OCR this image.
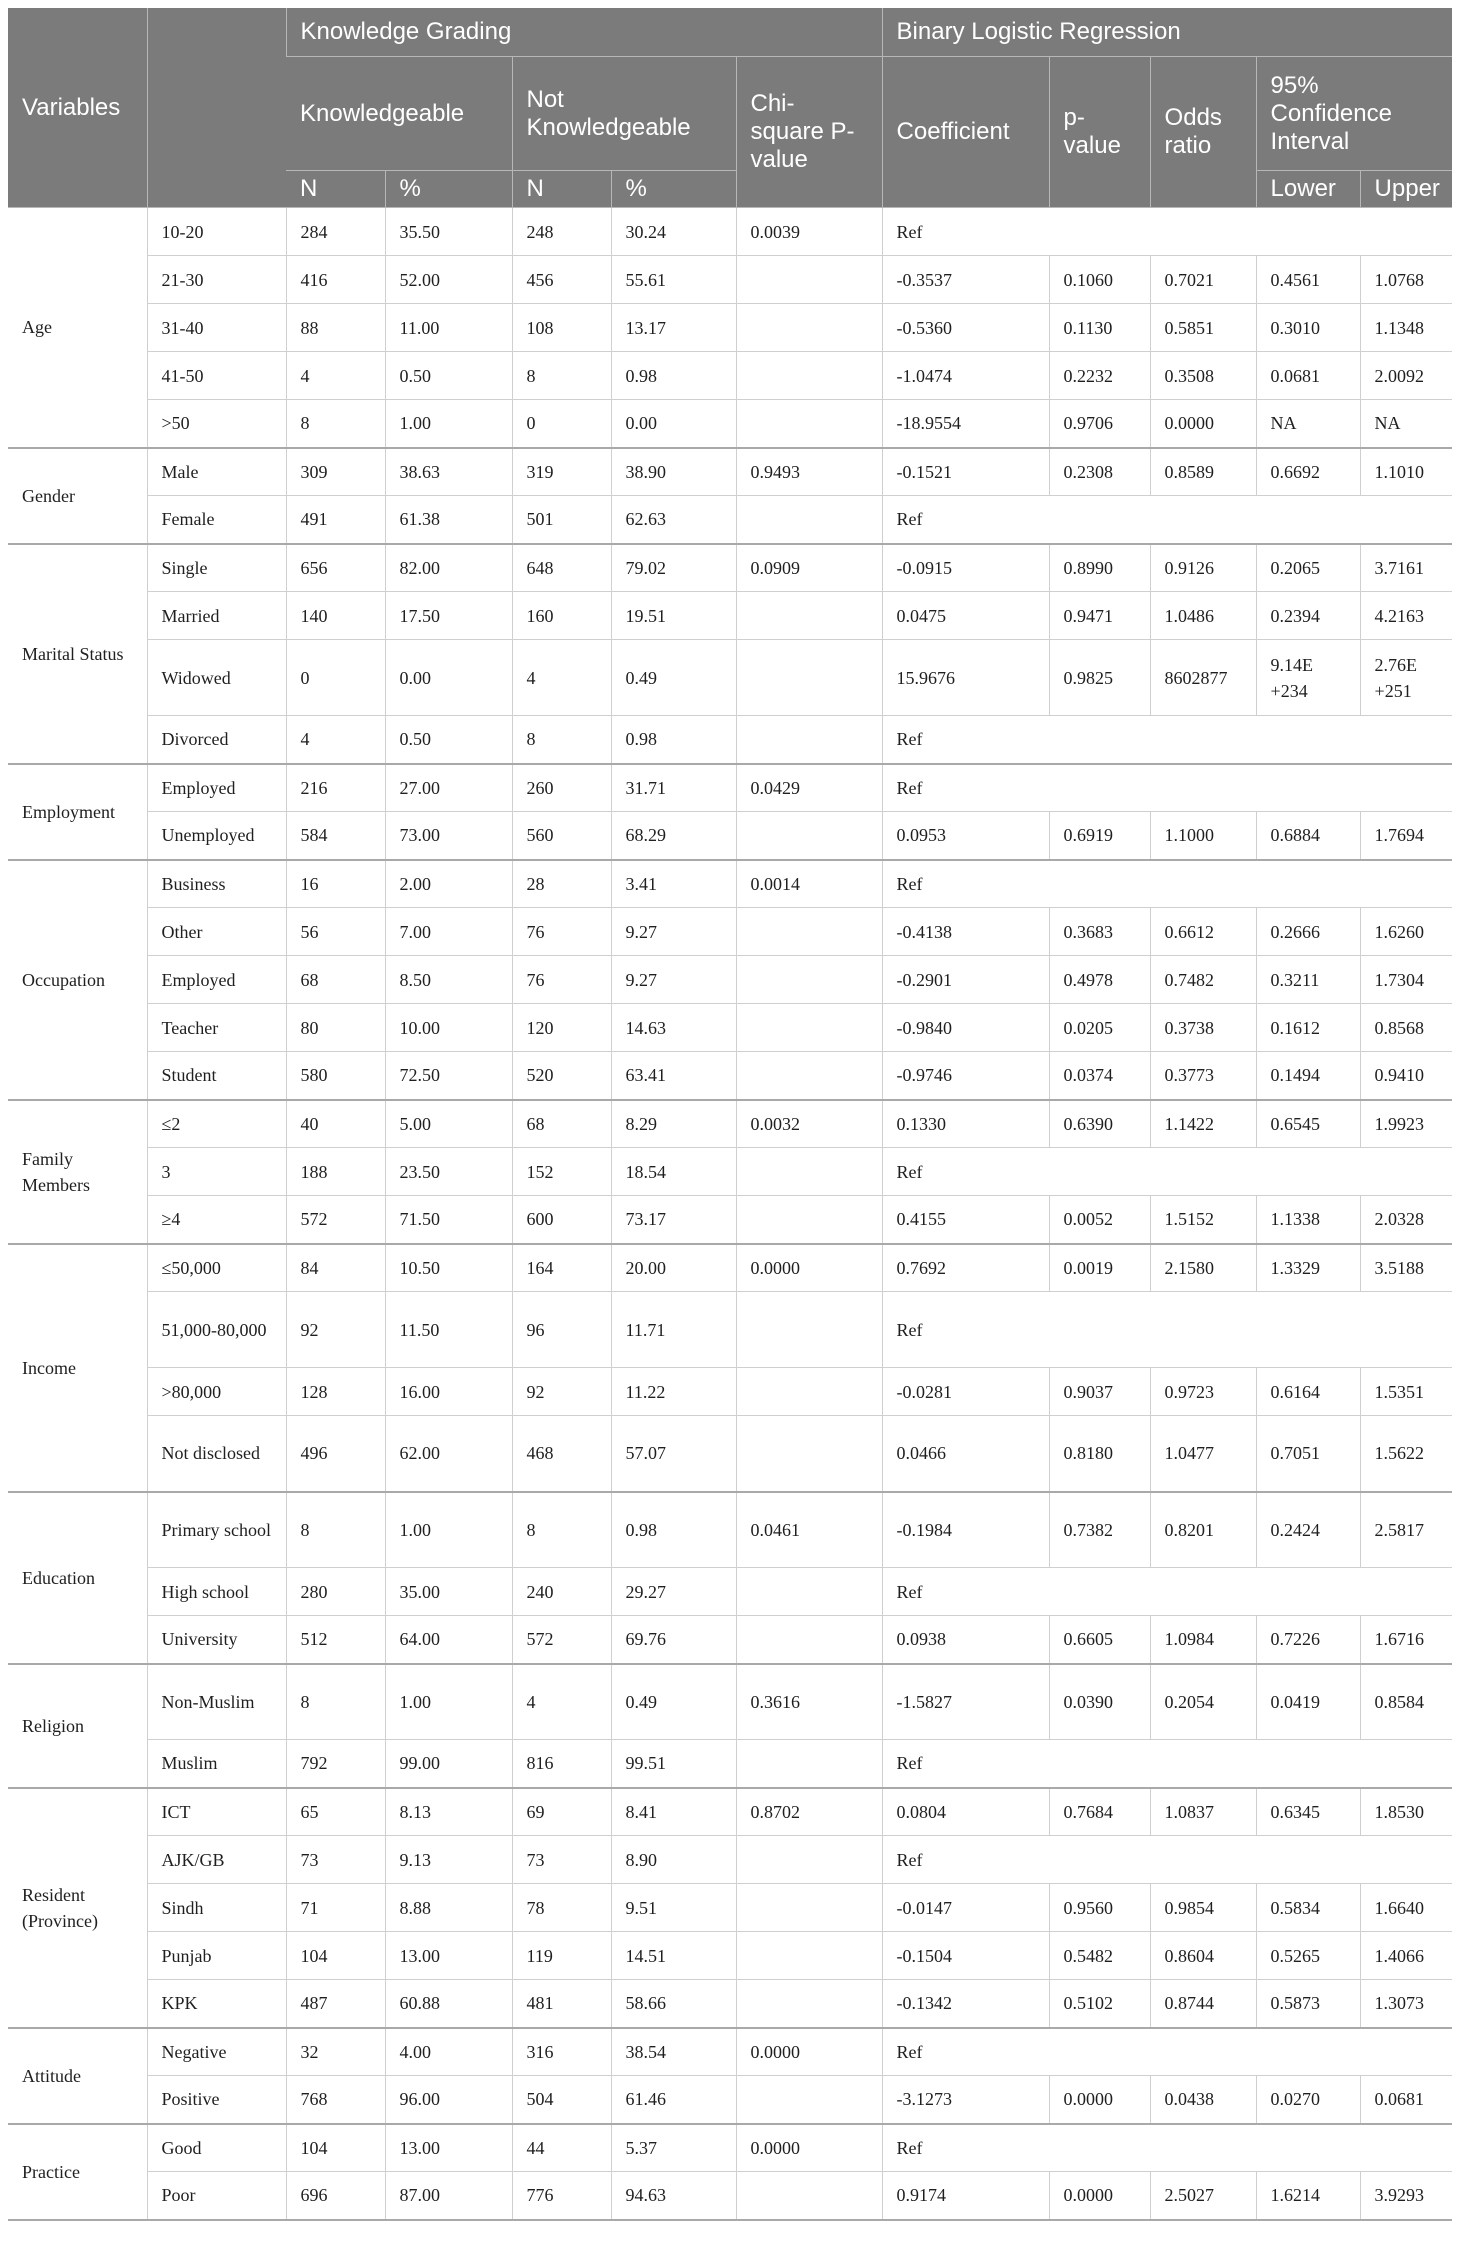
Variables		Knowledge Grading					Binary Logistic Regression				
		Knowledgeable		Not Knowledgeable		Chi-square P-value	Coefficient	p-value	Odds ratio	95% Confidence Interval	
		N	%	N	%					Lower	Upper
Age	10-20	284	35.50	248	30.24	0.0039	Ref				
	21-30	416	52.00	456	55.61		-0.3537	0.1060	0.7021	0.4561	1.0768
	31-40	88	11.00	108	13.17		-0.5360	0.1130	0.5851	0.3010	1.1348
	41-50	4	0.50	8	0.98		-1.0474	0.2232	0.3508	0.0681	2.0092
	>50	8	1.00	0	0.00		-18.9554	0.9706	0.0000	NA	NA
Gender	Male	309	38.63	319	38.90	0.9493	-0.1521	0.2308	0.8589	0.6692	1.1010
	Female	491	61.38	501	62.63		Ref				
Marital Status	Single	656	82.00	648	79.02	0.0909	-0.0915	0.8990	0.9126	0.2065	3.7161
	Married	140	17.50	160	19.51		0.0475	0.9471	1.0486	0.2394	4.2163
	Widowed	0	0.00	4	0.49		15.9676	0.9825	8602877	9.14E +234	2.76E +251
	Divorced	4	0.50	8	0.98		Ref				
Employment	Employed	216	27.00	260	31.71	0.0429	Ref				
	Unemployed	584	73.00	560	68.29		0.0953	0.6919	1.1000	0.6884	1.7694
Occupation	Business	16	2.00	28	3.41	0.0014	Ref				
	Other	56	7.00	76	9.27		-0.4138	0.3683	0.6612	0.2666	1.6260
	Employed	68	8.50	76	9.27		-0.2901	0.4978	0.7482	0.3211	1.7304
	Teacher	80	10.00	120	14.63		-0.9840	0.0205	0.3738	0.1612	0.8568
	Student	580	72.50	520	63.41		-0.9746	0.0374	0.3773	0.1494	0.9410
Family Members	≤2	40	5.00	68	8.29	0.0032	0.1330	0.6390	1.1422	0.6545	1.9923
	3	188	23.50	152	18.54		Ref				
	≥4	572	71.50	600	73.17		0.4155	0.0052	1.5152	1.1338	2.0328
Income	≤50,000	84	10.50	164	20.00	0.0000	0.7692	0.0019	2.1580	1.3329	3.5188
	51,000-80,000	92	11.50	96	11.71		Ref				
	>80,000	128	16.00	92	11.22		-0.0281	0.9037	0.9723	0.6164	1.5351
	Not disclosed	496	62.00	468	57.07		0.0466	0.8180	1.0477	0.7051	1.5622
Education	Primary school	8	1.00	8	0.98	0.0461	-0.1984	0.7382	0.8201	0.2424	2.5817
	High school	280	35.00	240	29.27		Ref				
	University	512	64.00	572	69.76		0.0938	0.6605	1.0984	0.7226	1.6716
Religion	Non-Muslim	8	1.00	4	0.49	0.3616	-1.5827	0.0390	0.2054	0.0419	0.8584
	Muslim	792	99.00	816	99.51		Ref				
Resident (Province)	ICT	65	8.13	69	8.41	0.8702	0.0804	0.7684	1.0837	0.6345	1.8530
	AJK/GB	73	9.13	73	8.90		Ref				
	Sindh	71	8.88	78	9.51		-0.0147	0.9560	0.9854	0.5834	1.6640
	Punjab	104	13.00	119	14.51		-0.1504	0.5482	0.8604	0.5265	1.4066
	KPK	487	60.88	481	58.66		-0.1342	0.5102	0.8744	0.5873	1.3073
Attitude	Negative	32	4.00	316	38.54	0.0000	Ref				
	Positive	768	96.00	504	61.46		-3.1273	0.0000	0.0438	0.0270	0.0681
Practice	Good	104	13.00	44	5.37	0.0000	Ref				
	Poor	696	87.00	776	94.63		0.9174	0.0000	2.5027	1.6214	3.9293
